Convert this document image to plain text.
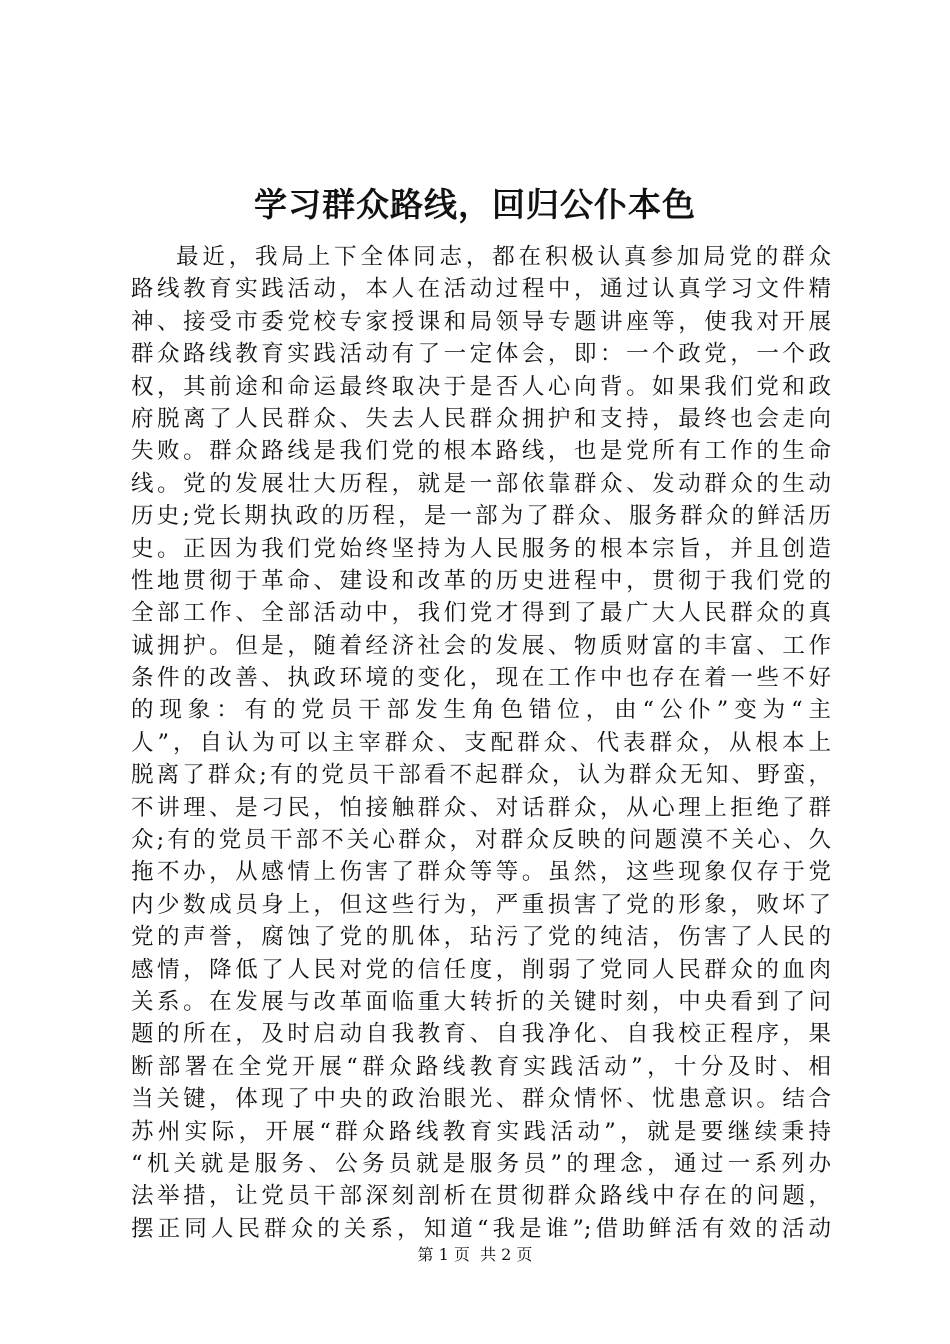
学习群众路线，回归公仆本色
最近，我局上下全体同志，都在积极认真参加局党的群众
路线教育实践活动，本人在活动过程中，通过认真学习文件精
神、接受市委党校专家授课和局领导专题讲座等，使我对开展
群众路线教育实践活动有了一定体会，即：一个政党，一个政
权，其前途和命运最终取决于是否人心向背。如果我们党和政
府脱离了人民群众、失去人民群众拥护和支持，最终也会走向
失败。群众路线是我们党的根本路线，也是党所有工作的生命
线。党的发展壮大历程，就是一部依靠群众、发动群众的生动
历史;党长期执政的历程，是一部为了群众、服务群众的鲜活历
史。正因为我们党始终坚持为人民服务的根本宗旨，并且创造
性地贯彻于革命、建设和改革的历史进程中，贯彻于我们党的
全部工作、全部活动中，我们党才得到了最广大人民群众的真
诚拥护。但是，随着经济社会的发展、物质财富的丰富、工作
条件的改善、执政环境的变化，现在工作中也存在着一些不好
的现象：有的党员干部发生角色错位，由“公仆”变为“主
人”，自认为可以主宰群众、支配群众、代表群众，从根本上
脱离了群众;有的党员干部看不起群众，认为群众无知、野蛮，
不讲理、是刁民，怕接触群众、对话群众，从心理上拒绝了群
众;有的党员干部不关心群众，对群众反映的问题漠不关心、久
拖不办，从感情上伤害了群众等等。虽然，这些现象仅存于党
内少数成员身上，但这些行为，严重损害了党的形象，败坏了
党的声誉，腐蚀了党的肌体，玷污了党的纯洁，伤害了人民的
感情，降低了人民对党的信任度，削弱了党同人民群众的血肉
关系。在发展与改革面临重大转折的关键时刻，中央看到了问
题的所在，及时启动自我教育、自我净化、自我校正程序，果
断部署在全党开展“群众路线教育实践活动”，十分及时、相
当关键，体现了中央的政治眼光、群众情怀、忧患意识。结合
苏州实际，开展“群众路线教育实践活动”，就是要继续秉持
“机关就是服务、公务员就是服务员”的理念，通过一系列办
法举措，让党员干部深刻剖析在贯彻群众路线中存在的问题，
摆正同人民群众的关系，知道“我是谁”;借助鲜活有效的活动
第 1 页  共 2 页
